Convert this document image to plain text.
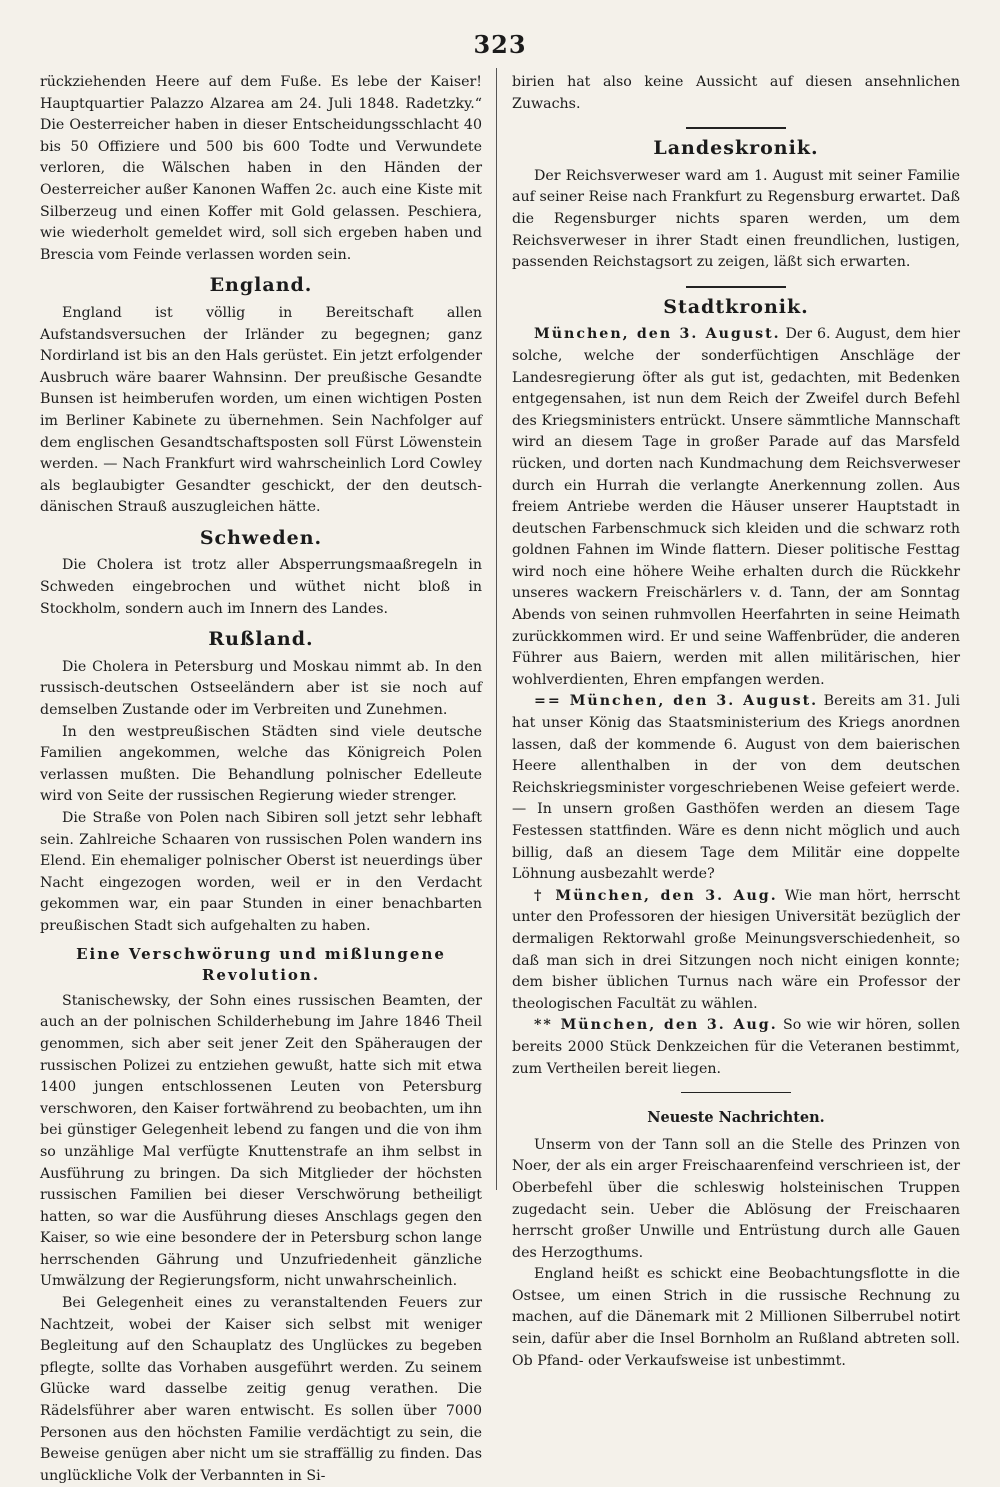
323

rückziehenden Heere auf dem Fuße. Es lebe der Kaiser! Hauptquartier Palazzo Alzarea am 24. Juli 1848. Radetzky.“ Die Oesterreicher haben in dieser Entscheidungsschlacht 40 bis 50 Offiziere und 500 bis 600 Todte und Verwundete verloren, die Wälschen haben in den Händen der Oesterreicher außer Kanonen Waffen 2c. auch eine Kiste mit Silberzeug und einen Koffer mit Gold gelassen. Peschiera, wie wiederholt gemeldet wird, soll sich ergeben haben und Brescia vom Feinde verlassen worden sein.

England.

England ist völlig in Bereitschaft allen Aufstandsversuchen der Irländer zu begegnen; ganz Nordirland ist bis an den Hals gerüstet. Ein jetzt erfolgender Ausbruch wäre baarer Wahnsinn. Der preußische Gesandte Bunsen ist heimberufen worden, um einen wichtigen Posten im Berliner Kabinete zu übernehmen. Sein Nachfolger auf dem englischen Gesandtschaftsposten soll Fürst Löwenstein werden. — Nach Frankfurt wird wahrscheinlich Lord Cowley als beglaubigter Gesandter geschickt, der den deutsch-dänischen Strauß auszugleichen hätte.

Schweden.

Die Cholera ist trotz aller Absperrungsmaaßregeln in Schweden eingebrochen und wüthet nicht bloß in Stockholm, sondern auch im Innern des Landes.

Rußland.

Die Cholera in Petersburg und Moskau nimmt ab. In den russisch-deutschen Ostseeländern aber ist sie noch auf demselben Zustande oder im Verbreiten und Zunehmen.

In den westpreußischen Städten sind viele deutsche Familien angekommen, welche das Königreich Polen verlassen mußten. Die Behandlung polnischer Edelleute wird von Seite der russischen Regierung wieder strenger.

Die Straße von Polen nach Sibiren soll jetzt sehr lebhaft sein. Zahlreiche Schaaren von russischen Polen wandern ins Elend. Ein ehemaliger polnischer Oberst ist neuerdings über Nacht eingezogen worden, weil er in den Verdacht gekommen war, ein paar Stunden in einer benachbarten preußischen Stadt sich aufgehalten zu haben.

Eine Verschwörung und mißlungene Revolution.

Stanischewsky, der Sohn eines russischen Beamten, der auch an der polnischen Schilderhebung im Jahre 1846 Theil genommen, sich aber seit jener Zeit den Späheraugen der russischen Polizei zu entziehen gewußt, hatte sich mit etwa 1400 jungen entschlossenen Leuten von Petersburg verschworen, den Kaiser fortwährend zu beobachten, um ihn bei günstiger Gelegenheit lebend zu fangen und die von ihm so unzählige Mal verfügte Knuttenstrafe an ihm selbst in Ausführung zu bringen. Da sich Mitglieder der höchsten russischen Familien bei dieser Verschwörung betheiligt hatten, so war die Ausführung dieses Anschlags gegen den Kaiser, so wie eine besondere der in Petersburg schon lange herrschenden Gährung und Unzufriedenheit gänzliche Umwälzung der Regierungsform, nicht unwahrscheinlich.

Bei Gelegenheit eines zu veranstaltenden Feuers zur Nachtzeit, wobei der Kaiser sich selbst mit weniger Begleitung auf den Schauplatz des Unglückes zu begeben pflegte, sollte das Vorhaben ausgeführt werden. Zu seinem Glücke ward dasselbe zeitig genug verathen. Die Rädelsführer aber waren entwischt. Es sollen über 7000 Personen aus den höchsten Familie verdächtigt zu sein, die Beweise genügen aber nicht um sie straffällig zu finden. Das unglückliche Volk der Verbannten in Si-

birien hat also keine Aussicht auf diesen ansehnlichen Zuwachs.

Landeskronik.

Der Reichsverweser ward am 1. August mit seiner Familie auf seiner Reise nach Frankfurt zu Regensburg erwartet. Daß die Regensburger nichts sparen werden, um dem Reichsverweser in ihrer Stadt einen freundlichen, lustigen, passenden Reichstagsort zu zeigen, läßt sich erwarten.

Stadtkronik.

München, den 3. August. Der 6. August, dem hier solche, welche der sonderfüchtigen Anschläge der Landesregierung öfter als gut ist, gedachten, mit Bedenken entgegensahen, ist nun dem Reich der Zweifel durch Befehl des Kriegsministers entrückt. Unsere sämmtliche Mannschaft wird an diesem Tage in großer Parade auf das Marsfeld rücken, und dorten nach Kundmachung dem Reichsverweser durch ein Hurrah die verlangte Anerkennung zollen. Aus freiem Antriebe werden die Häuser unserer Hauptstadt in deutschen Farbenschmuck sich kleiden und die schwarz roth goldnen Fahnen im Winde flattern. Dieser politische Festtag wird noch eine höhere Weihe erhalten durch die Rückkehr unseres wackern Freischärlers v. d. Tann, der am Sonntag Abends von seinen ruhmvollen Heerfahrten in seine Heimath zurückkommen wird. Er und seine Waffenbrüder, die anderen Führer aus Baiern, werden mit allen militärischen, hier wohlverdienten, Ehren empfangen werden.

== München, den 3. August. Bereits am 31. Juli hat unser König das Staatsministerium des Kriegs anordnen lassen, daß der kommende 6. August von dem baierischen Heere allenthalben in der von dem deutschen Reichskriegsminister vorgeschriebenen Weise gefeiert werde. — In unsern großen Gasthöfen werden an diesem Tage Festessen stattfinden. Wäre es denn nicht möglich und auch billig, daß an diesem Tage dem Militär eine doppelte Löhnung ausbezahlt werde?

† München, den 3. Aug. Wie man hört, herrscht unter den Professoren der hiesigen Universität bezüglich der dermaligen Rektorwahl große Meinungsverschiedenheit, so daß man sich in drei Sitzungen noch nicht einigen konnte; dem bisher üblichen Turnus nach wäre ein Professor der theologischen Facultät zu wählen.

** München, den 3. Aug. So wie wir hören, sollen bereits 2000 Stück Denkzeichen für die Veteranen bestimmt, zum Vertheilen bereit liegen.

Neueste Nachrichten.

Unserm von der Tann soll an die Stelle des Prinzen von Noer, der als ein arger Freischaarenfeind verschrieen ist, der Oberbefehl über die schleswig holsteinischen Truppen zugedacht sein. Ueber die Ablösung der Freischaaren herrscht großer Unwille und Entrüstung durch alle Gauen des Herzogthums.

England heißt es schickt eine Beobachtungsflotte in die Ostsee, um einen Strich in die russische Rechnung zu machen, auf die Dänemark mit 2 Millionen Silberrubel notirt sein, dafür aber die Insel Bornholm an Rußland abtreten soll. Ob Pfand- oder Verkaufsweise ist unbestimmt.
